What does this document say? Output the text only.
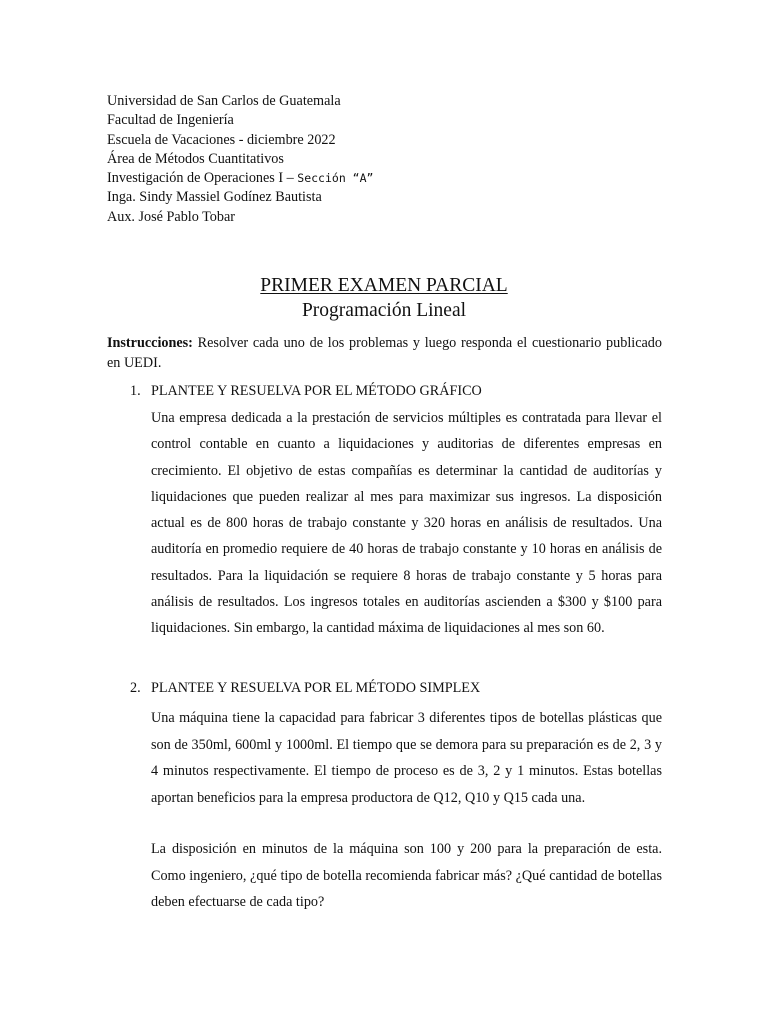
Universidad de San Carlos de Guatemala
Facultad de Ingeniería
Escuela de Vacaciones - diciembre 2022
Área de Métodos Cuantitativos
Investigación de Operaciones I – Sección “A”
Inga. Sindy Massiel Godínez Bautista
Aux. José Pablo Tobar
PRIMER EXAMEN PARCIAL
Programación Lineal
Instrucciones: Resolver cada uno de los problemas y luego responda el cuestionario publicado en UEDI.
1. PLANTEE Y RESUELVA POR EL MÉTODO GRÁFICO
Una empresa dedicada a la prestación de servicios múltiples es contratada para llevar el control contable en cuanto a liquidaciones y auditorias de diferentes empresas en crecimiento. El objetivo de estas compañías es determinar la cantidad de auditorías y liquidaciones que pueden realizar al mes para maximizar sus ingresos. La disposición actual es de 800 horas de trabajo constante y 320 horas en análisis de resultados. Una auditoría en promedio requiere de 40 horas de trabajo constante y 10 horas en análisis de resultados. Para la liquidación se requiere 8 horas de trabajo constante y 5 horas para análisis de resultados. Los ingresos totales en auditorías ascienden a $300 y $100 para liquidaciones. Sin embargo, la cantidad máxima de liquidaciones al mes son 60.
2. PLANTEE Y RESUELVA POR EL MÉTODO SIMPLEX
Una máquina tiene la capacidad para fabricar 3 diferentes tipos de botellas plásticas que son de 350ml, 600ml y 1000ml. El tiempo que se demora para su preparación es de 2, 3 y 4 minutos respectivamente. El tiempo de proceso es de 3, 2 y 1 minutos. Estas botellas aportan beneficios para la empresa productora de Q12, Q10 y Q15 cada una.
La disposición en minutos de la máquina son 100 y 200 para la preparación de esta. Como ingeniero, ¿qué tipo de botella recomienda fabricar más? ¿Qué cantidad de botellas deben efectuarse de cada tipo?
